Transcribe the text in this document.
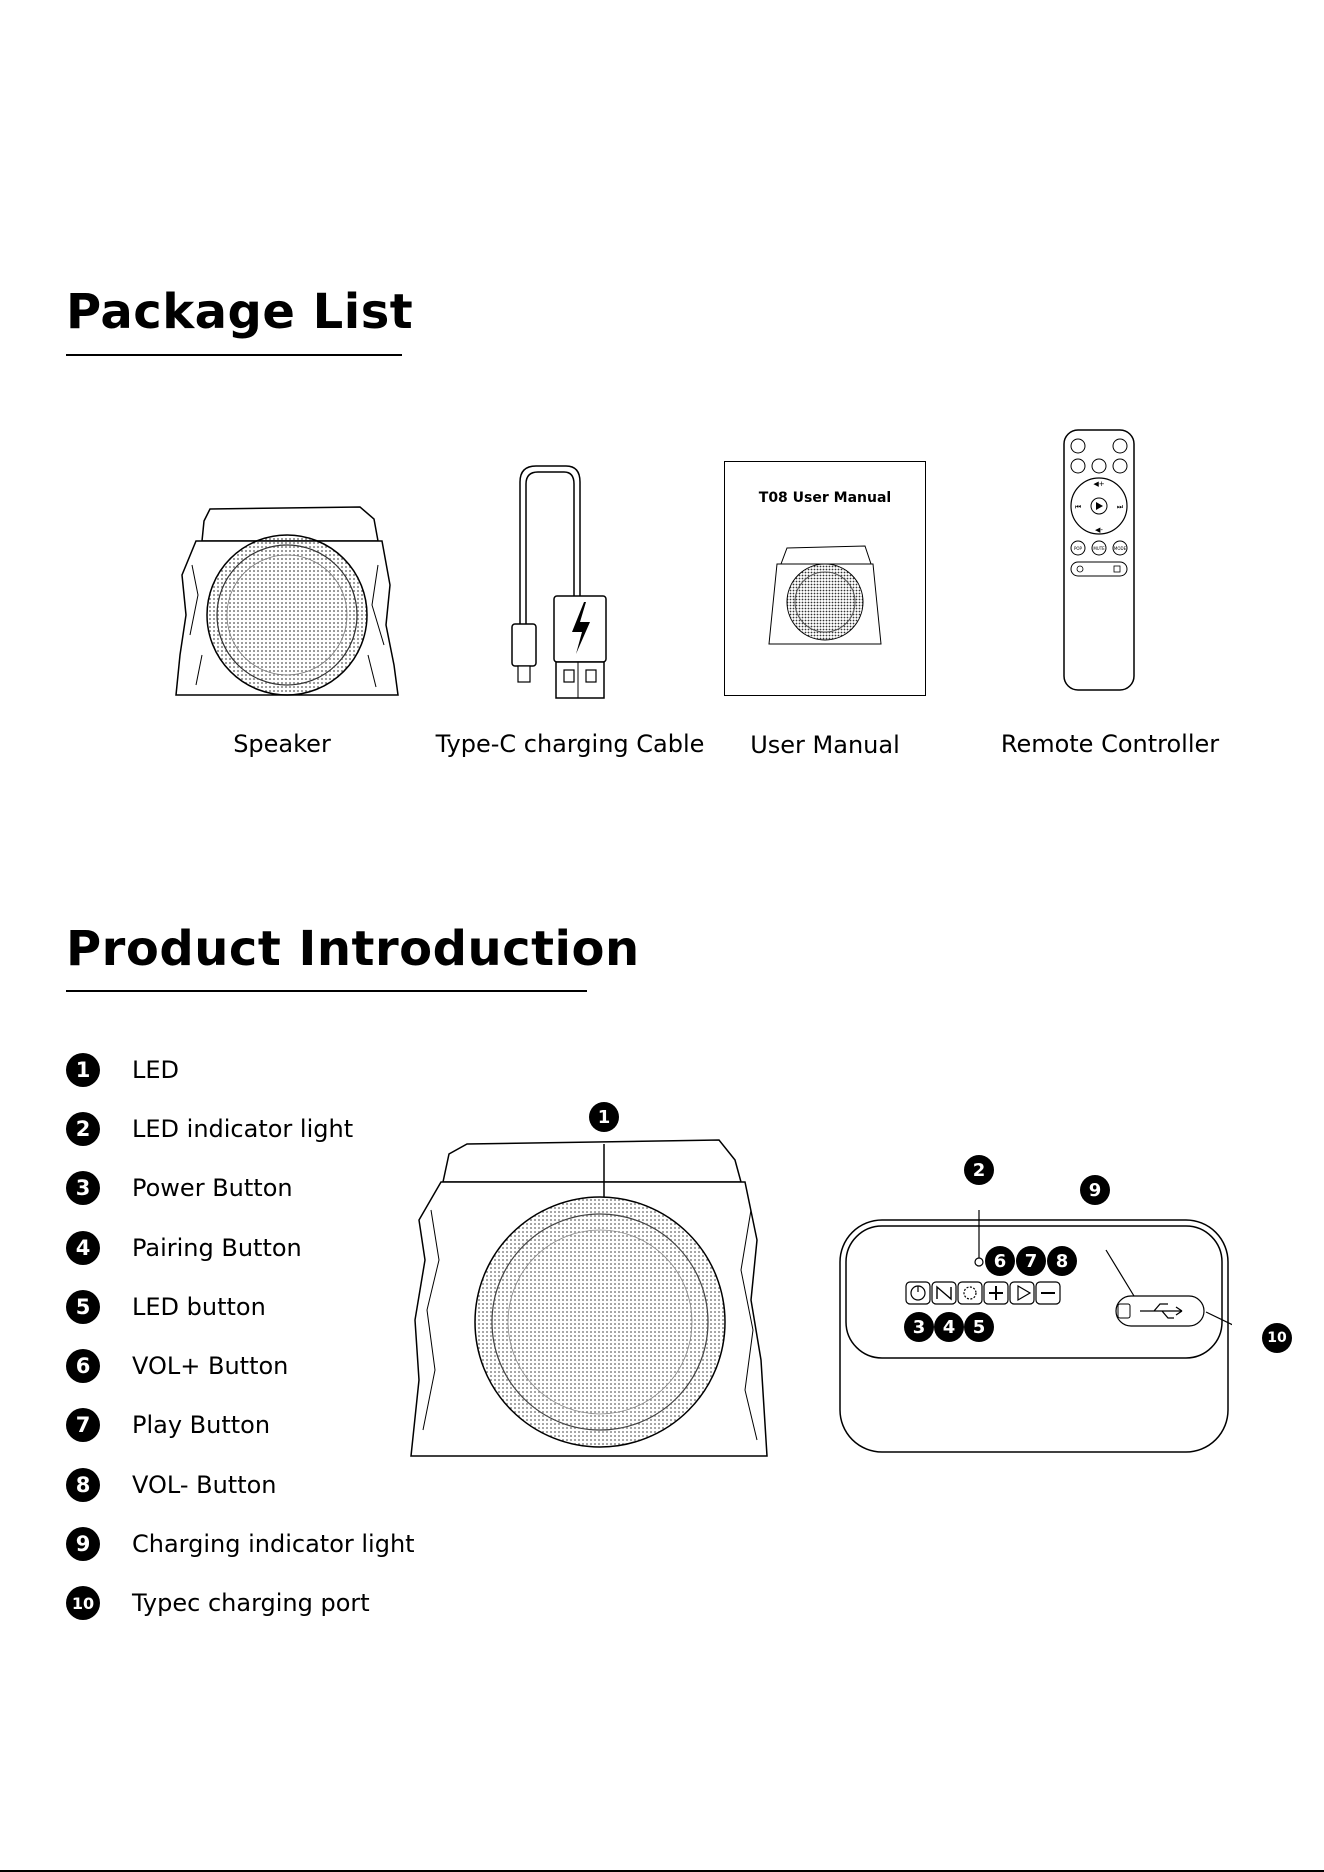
Package List
Speaker	Type-C charging Cable
T08 User Manual
User Manual
◀+
◀-
⏮	⏭
POP	MUTE MODE
Remote Controller
Product Introduction
1	LED
2	LED indicator light
3	Power Button
4	Pairing Button
5	LED button
6	VOL+ Button
7	Play Button
8	VOL- Button
9	Charging indicator light
10 Typec charging port
1
2
9
6	7	8
3 4 5
10
